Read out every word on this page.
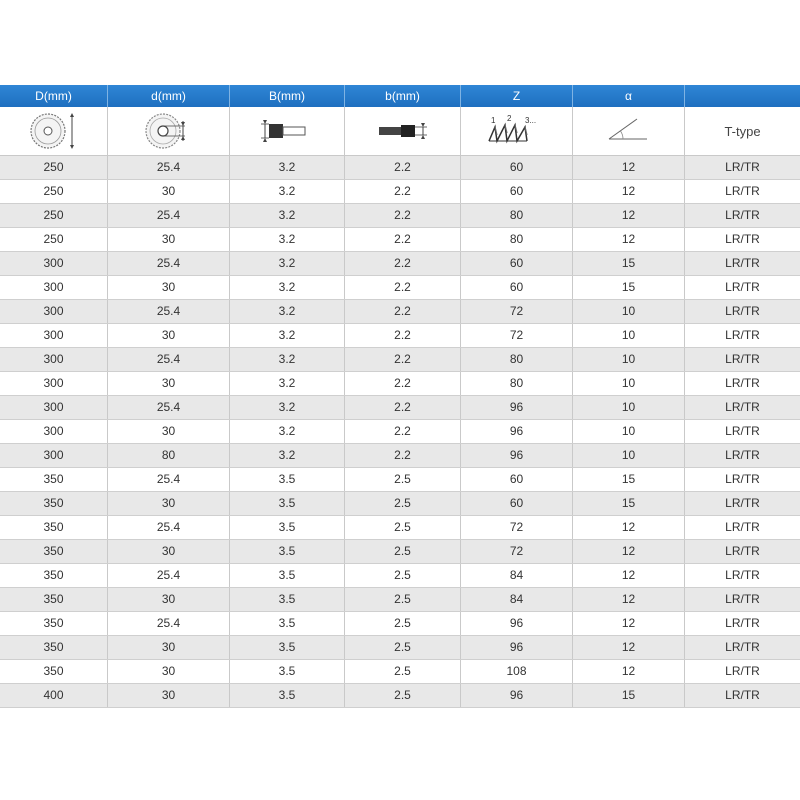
D(mm)	d(mm)	B(mm)	b(mm)	Z	α
1 2 3...
T-type
250	25.4	3.2	2.2	60	12	LR/TR
250	30	3.2	2.2	60	12	LR/TR
250	25.4	3.2	2.2	80	12	LR/TR
250	30	3.2	2.2	80	12	LR/TR
300	25.4	3.2	2.2	60	15	LR/TR
300	30	3.2	2.2	60	15	LR/TR
300	25.4	3.2	2.2	72	10	LR/TR
300	30	3.2	2.2	72	10	LR/TR
300	25.4	3.2	2.2	80	10	LR/TR
300	30	3.2	2.2	80	10	LR/TR
300	25.4	3.2	2.2	96	10	LR/TR
300	30	3.2	2.2	96	10	LR/TR
300	80	3.2	2.2	96	10	LR/TR
350	25.4	3.5	2.5	60	15	LR/TR
350	30	3.5	2.5	60	15	LR/TR
350	25.4	3.5	2.5	72	12	LR/TR
350	30	3.5	2.5	72	12	LR/TR
350	25.4	3.5	2.5	84	12	LR/TR
350	30	3.5	2.5	84	12	LR/TR
350	25.4	3.5	2.5	96	12	LR/TR
350	30	3.5	2.5	96	12	LR/TR
350	30	3.5	2.5	108	12	LR/TR
400	30	3.5	2.5	96	15	LR/TR
